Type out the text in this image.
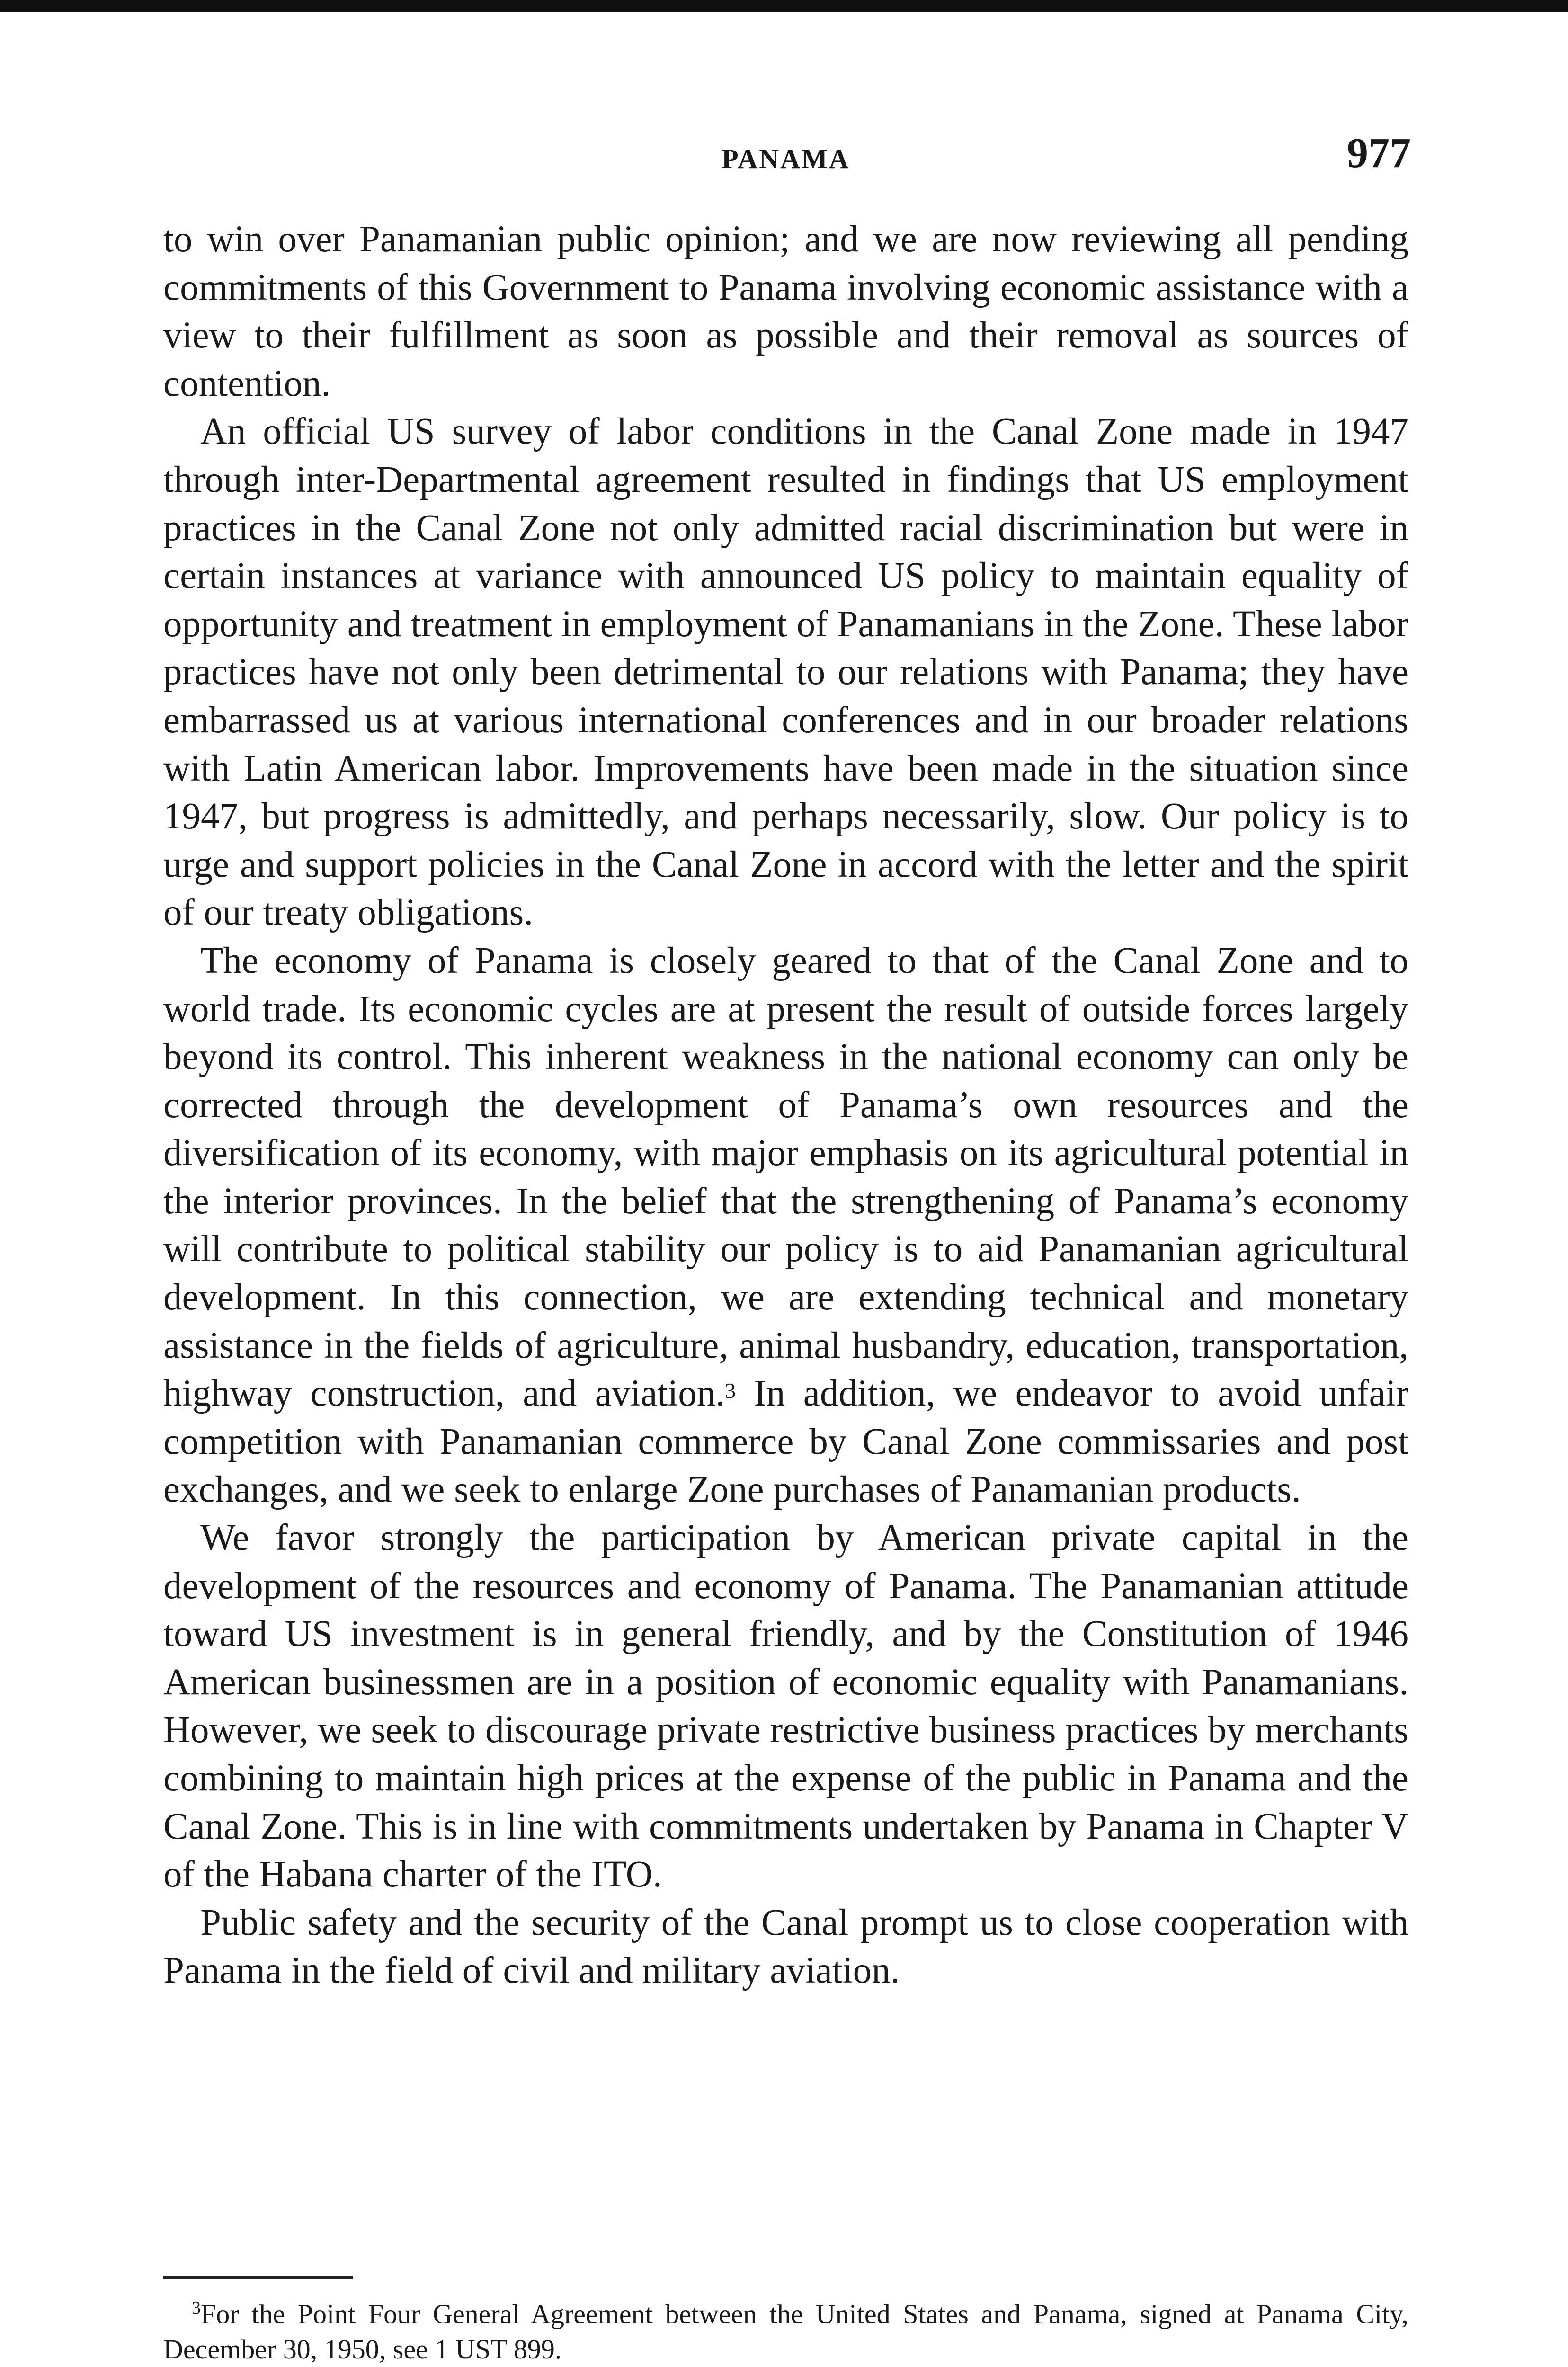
PANAMA	977

to win over Panamanian public opinion; and we are now reviewing all pending commitments of this Government to Panama involving economic assistance with a view to their fulfillment as soon as possible and their removal as sources of contention.

An official US survey of labor conditions in the Canal Zone made in 1947 through inter-Departmental agreement resulted in findings that US employment practices in the Canal Zone not only admitted racial discrimination but were in certain instances at variance with announced US policy to maintain equality of opportunity and treatment in employment of Panamanians in the Zone. These labor practices have not only been detrimental to our relations with Panama; they have embarrassed us at various international conferences and in our broader relations with Latin American labor. Improvements have been made in the situation since 1947, but progress is admittedly, and perhaps necessarily, slow. Our policy is to urge and support policies in the Canal Zone in accord with the letter and the spirit of our treaty obligations.

The economy of Panama is closely geared to that of the Canal Zone and to world trade. Its economic cycles are at present the result of outside forces largely beyond its control. This inherent weakness in the national economy can only be corrected through the development of Panama’s own resources and the diversification of its economy, with major emphasis on its agricultural potential in the interior provinces. In the belief that the strengthening of Panama’s economy will contribute to political stability our policy is to aid Panamanian agricultural development. In this connection, we are extending technical and monetary assistance in the fields of agriculture, animal husbandry, education, transportation, highway construction, and aviation.$^3$ In addition, we endeavor to avoid unfair competition with Panamanian commerce by Canal Zone commissaries and post exchanges, and we seek to enlarge Zone purchases of Panamanian products.

We favor strongly the participation by American private capital in the development of the resources and economy of Panama. The Panamanian attitude toward US investment is in general friendly, and by the Constitution of 1946 American businessmen are in a position of economic equality with Panamanians. However, we seek to discourage private restrictive business practices by merchants combining to maintain high prices at the expense of the public in Panama and the Canal Zone. This is in line with commitments undertaken by Panama in Chapter V of the Habana charter of the ITO.

Public safety and the security of the Canal prompt us to close cooperation with Panama in the field of civil and military aviation.

$^3$For the Point Four General Agreement between the United States and Panama, signed at Panama City, December 30, 1950, see 1 UST 899.
